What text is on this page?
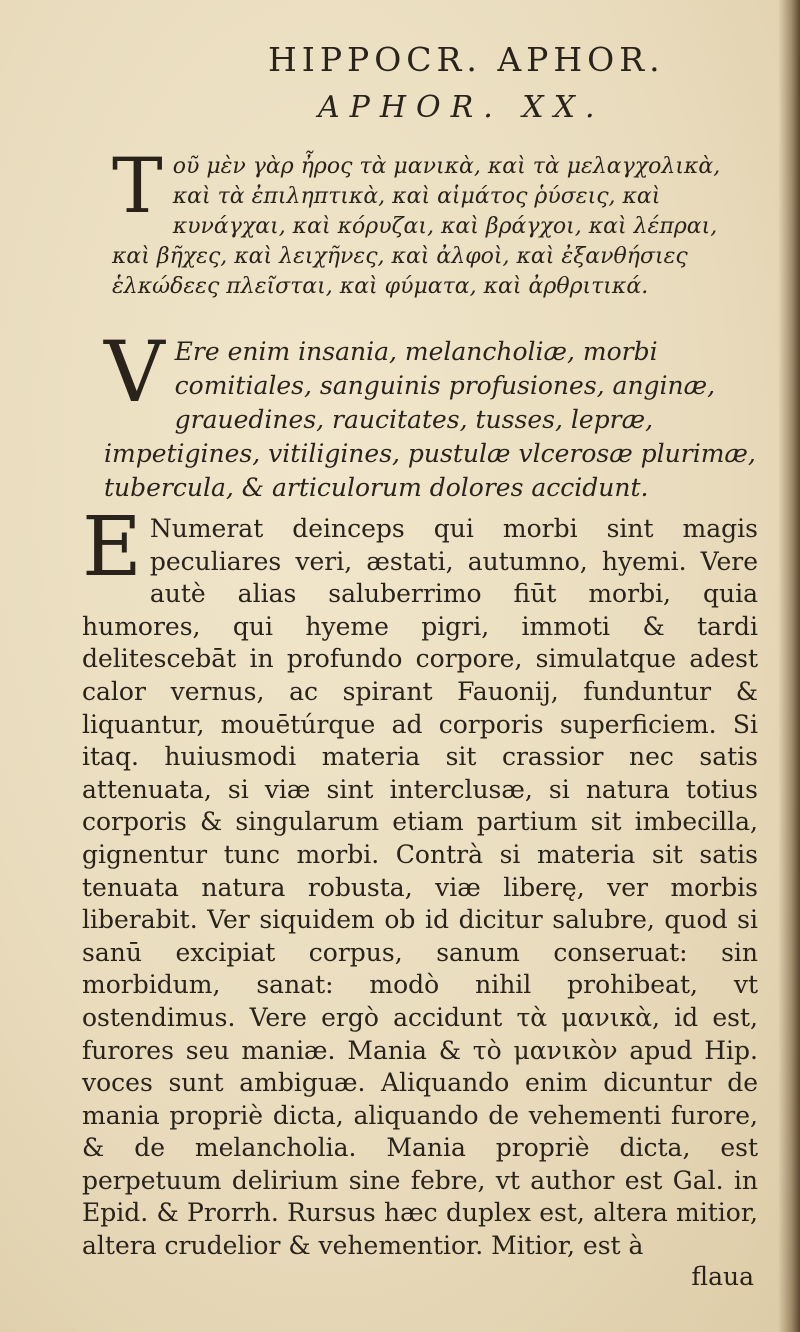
HIPPOCR. APHOR.
APHOR. XX.
Tοῦ μὲν γὰρ ἦρος τὰ μανικὰ, καὶ τὰ μελαγχολικὰ, καὶ τὰ ἐπιληπτικὰ, καὶ αἱμάτος ῥύσεις, καὶ κυνάγχαι, καὶ κόρυζαι, καὶ βράγχοι, καὶ λέπραι, καὶ βῆχες, καὶ λειχῆνες, καὶ ἀλφοὶ, καὶ ἐξανθήσιες ἑλκώδεες πλεῖσται, καὶ φύματα, καὶ ἀρθριτικά.
V Ere enim insania, melancholiæ, morbi comitiales, sanguinis profusiones, anginæ, grauedines, raucitates, tusses, lepræ, impetigines, vitiligines, pustulæ vlcerosæ plurimæ, tubercula, & articulorum dolores accidunt.
E Numerat deinceps qui morbi sint magis peculiares veri, æstati, autumno, hyemi. Vere autè alias saluberrimo fiūt morbi, quia humores, qui hyeme pigri, immoti & tardi delitescebāt in profundo corpore, simulatque adest calor vernus, ac spirant Fauonij, funduntur & liquantur, mouētúrque ad corporis superficiem. Si itaq. huiusmodi materia sit crassior nec satis attenuata, si viæ sint interclusæ, si natura totius corporis & singularum etiam partium sit imbecilla, gignentur tunc morbi. Contrà si materia sit satis tenuata natura robusta, viæ liberę, ver morbis liberabit. Ver siquidem ob id dicitur salubre, quod si sanū excipiat corpus, sanum conseruat: sin morbidum, sanat: modò nihil prohibeat, vt ostendimus. Vere ergò accidunt τὰ μανικὰ, id est, furores seu maniæ. Mania & τὸ μανικὸν apud Hip. voces sunt ambiguæ. Aliquando enim dicuntur de mania propriè dicta, aliquando de vehementi furore, & de melancholia. Mania propriè dicta, est perpetuum delirium sine febre, vt author est Gal. in Epid. & Prorrh. Rursus hæc duplex est, altera mitior, altera crudelior & vehementior. Mitior, est à
flaua
